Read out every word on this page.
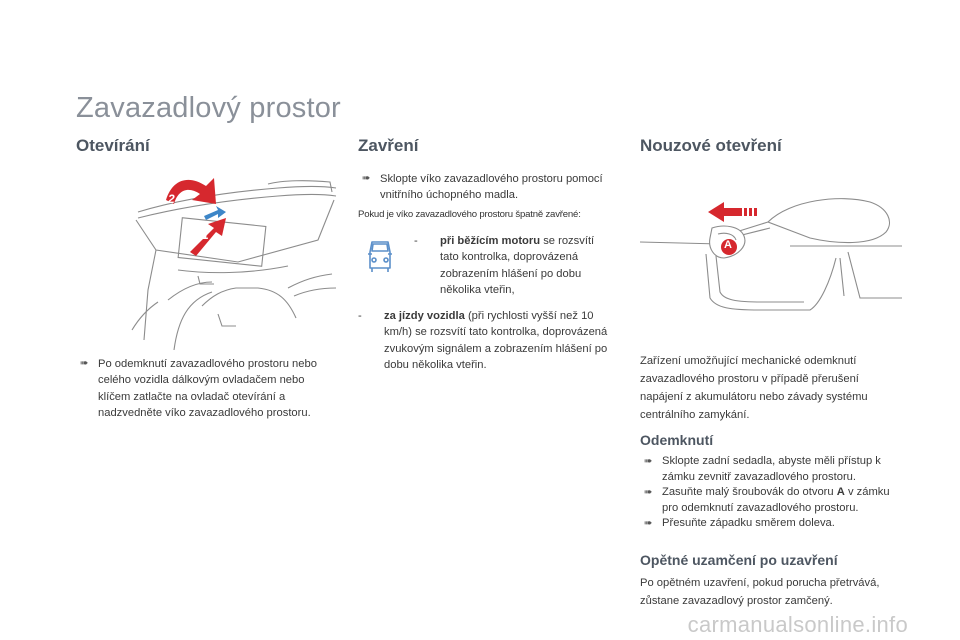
Zavazadlový prostor
Otevírání
2
1
➠ Po odemknutí zavazadlového prostoru nebo celého vozidla dálkovým ovladačem nebo klíčem zatlačte na ovladač otevírání a nadzvedněte víko zavazadlového prostoru.
Zavření
➠ Sklopte víko zavazadlového prostoru pomocí vnitřního úchopného madla.
Pokud je víko zavazadlového prostoru špatně zavřené:
-	při běžícím motoru se rozsvítí tato kontrolka, doprovázená zobrazením hlášení po dobu několika vteřin,
-	za jízdy vozidla (při rychlosti vyšší než 10 km/h) se rozsvítí tato kontrolka, doprovázená zvukovým signálem a zobrazením hlášení po dobu několika vteřin.
Nouzové otevření
A
Zařízení umožňující mechanické odemknutí zavazadlového prostoru v případě přerušení napájení z akumulátoru nebo závady systému centrálního zamykání.
Odemknutí
➠ Sklopte zadní sedadla, abyste měli přístup k zámku zevnitř zavazadlového prostoru.
➠ Zasuňte malý šroubovák do otvoru A v zámku pro odemknutí zavazadlového prostoru.
➠ Přesuňte západku směrem doleva.
Opětné uzamčení po uzavření
Po opětném uzavření, pokud porucha přetrvává, zůstane zavazadlový prostor zamčený.
carmanualsonline.info
